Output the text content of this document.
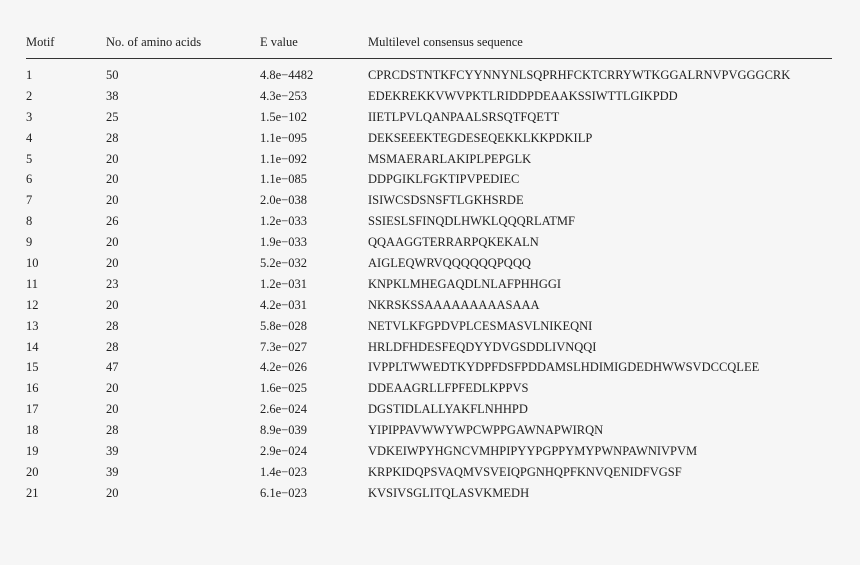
Motif	No. of amino acids	E value	Multilevel consensus sequence
1	50	4.8e−4482	CPRCDSTNTKFCYYNNYNLSQPRHFCKTCRRYWTKGGALRNVPVGGGCRK
2	38	4.3e−253	EDEKREKKVWVPKTLRIDDPDEAAKSSIWTTLGIKPDD
3	25	1.5e−102	IIETLPVLQANPAALSRSQTFQETT
4	28	1.1e−095	DEKSEEEKTEGDESEQEKKLKKPDKILP
5	20	1.1e−092	MSMAERARLAKIPLPEPGLK
6	20	1.1e−085	DDPGIKLFGKTIPVPEDIEC
7	20	2.0e−038	ISIWCSDSNSFTLGKHSRDE
8	26	1.2e−033	SSIESLSFINQDLHWKLQQQRLATMF
9	20	1.9e−033	QQAAGGTERRARPQKEKALN
10	20	5.2e−032	AIGLEQWRVQQQQQQPQQQ
11	23	1.2e−031	KNPKLMHEGAQDLNLAFPHHGGI
12	20	4.2e−031	NKRSKSSAAAAAAAAASAAA
13	28	5.8e−028	NETVLKFGPDVPLCESMASVLNIKEQNI
14	28	7.3e−027	HRLDFHDESFEQDYYDVGSDDLIVNQQI
15	47	4.2e−026	IVPPLTWWEDTKYDPFDSFPDDAMSLHDIMIGDEDHWWSVDCCQLEE
16	20	1.6e−025	DDEAAGRLLFPFEDLKPPVS
17	20	2.6e−024	DGSTIDLALLYAKFLNHHPD
18	28	8.9e−039	YIPIPPAVWWYWPCWPPGAWNAPWIRQN
19	39	2.9e−024	VDKEIWPYHGNCVMHPIPYYPGPPYMYPWNPAWNIVPVM
20	39	1.4e−023	KRPKIDQPSVAQMVSVEIQPGNHQPFKNVQENIDFVGSF
21	20	6.1e−023	KVSIVSGLITQLASVKMEDH
